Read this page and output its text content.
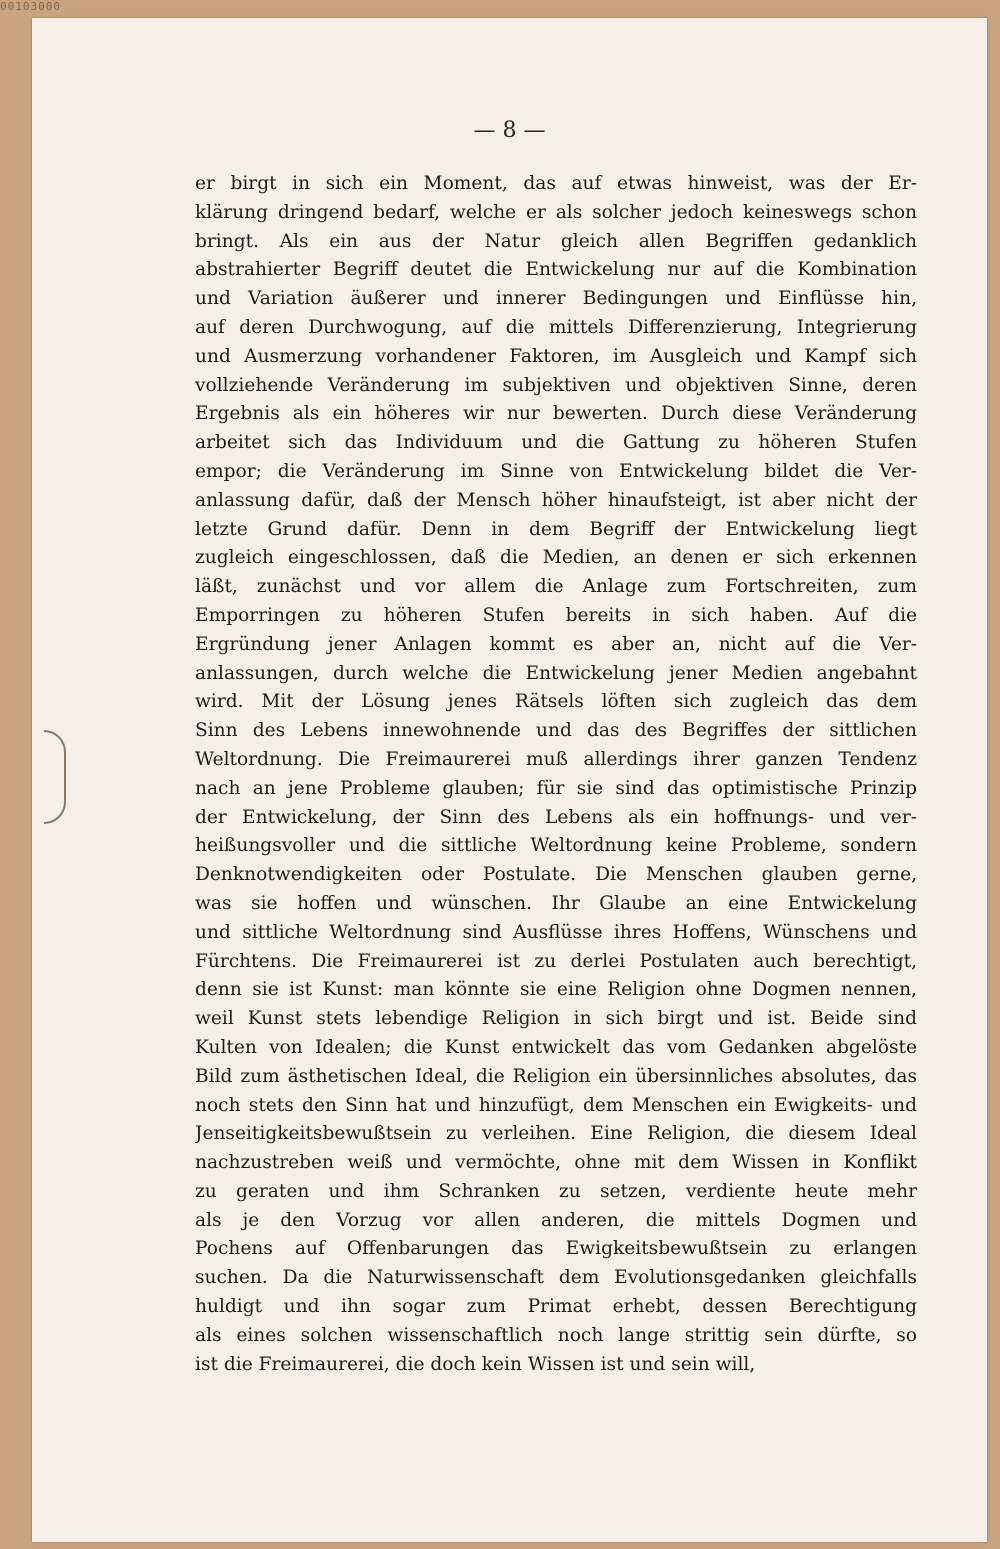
00103000
— 8 —
er birgt in sich ein Moment, das auf etwas hinweist, was der Er-
klärung dringend bedarf, welche er als solcher jedoch keineswegs schon
bringt. Als ein aus der Natur gleich allen Begriffen gedanklich
abstrahierter Begriff deutet die Entwickelung nur auf die Kombination
und Variation äußerer und innerer Bedingungen und Einflüsse hin,
auf deren Durchwogung, auf die mittels Differenzierung, Integrierung
und Ausmerzung vorhandener Faktoren, im Ausgleich und Kampf sich
vollziehende Veränderung im subjektiven und objektiven Sinne, deren
Ergebnis als ein höheres wir nur bewerten. Durch diese Veränderung
arbeitet sich das Individuum und die Gattung zu höheren Stufen
empor; die Veränderung im Sinne von Entwickelung bildet die Ver-
anlassung dafür, daß der Mensch höher hinaufsteigt, ist aber nicht der
letzte Grund dafür. Denn in dem Begriff der Entwickelung liegt
zugleich eingeschlossen, daß die Medien, an denen er sich erkennen
läßt, zunächst und vor allem die Anlage zum Fortschreiten, zum
Emporringen zu höheren Stufen bereits in sich haben. Auf die
Ergründung jener Anlagen kommt es aber an, nicht auf die Ver-
anlassungen, durch welche die Entwickelung jener Medien angebahnt
wird. Mit der Lösung jenes Rätsels löften sich zugleich das dem
Sinn des Lebens innewohnende und das des Begriffes der sittlichen
Weltordnung. Die Freimaurerei muß allerdings ihrer ganzen Tendenz
nach an jene Probleme glauben; für sie sind das optimistische Prinzip
der Entwickelung, der Sinn des Lebens als ein hoffnungs- und ver-
heißungsvoller und die sittliche Weltordnung keine Probleme, sondern
Denknotwendigkeiten oder Postulate. Die Menschen glauben gerne,
was sie hoffen und wünschen. Ihr Glaube an eine Entwickelung
und sittliche Weltordnung sind Ausflüsse ihres Hoffens, Wünschens und
Fürchtens. Die Freimaurerei ist zu derlei Postulaten auch berechtigt,
denn sie ist Kunst: man könnte sie eine Religion ohne Dogmen nennen,
weil Kunst stets lebendige Religion in sich birgt und ist. Beide sind
Kulten von Idealen; die Kunst entwickelt das vom Gedanken abgelöste
Bild zum ästhetischen Ideal, die Religion ein übersinnliches absolutes, das
noch stets den Sinn hat und hinzufügt, dem Menschen ein Ewigkeits- und
Jenseitigkeitsbewußtsein zu verleihen. Eine Religion, die diesem Ideal
nachzustreben weiß und vermöchte, ohne mit dem Wissen in Konflikt
zu geraten und ihm Schranken zu setzen, verdiente heute mehr
als je den Vorzug vor allen anderen, die mittels Dogmen und
Pochens auf Offenbarungen das Ewigkeitsbewußtsein zu erlangen
suchen. Da die Naturwissenschaft dem Evolutionsgedanken gleichfalls
huldigt und ihn sogar zum Primat erhebt, dessen Berechtigung
als eines solchen wissenschaftlich noch lange strittig sein dürfte, so
ist die Freimaurerei, die doch kein Wissen ist und sein will,
